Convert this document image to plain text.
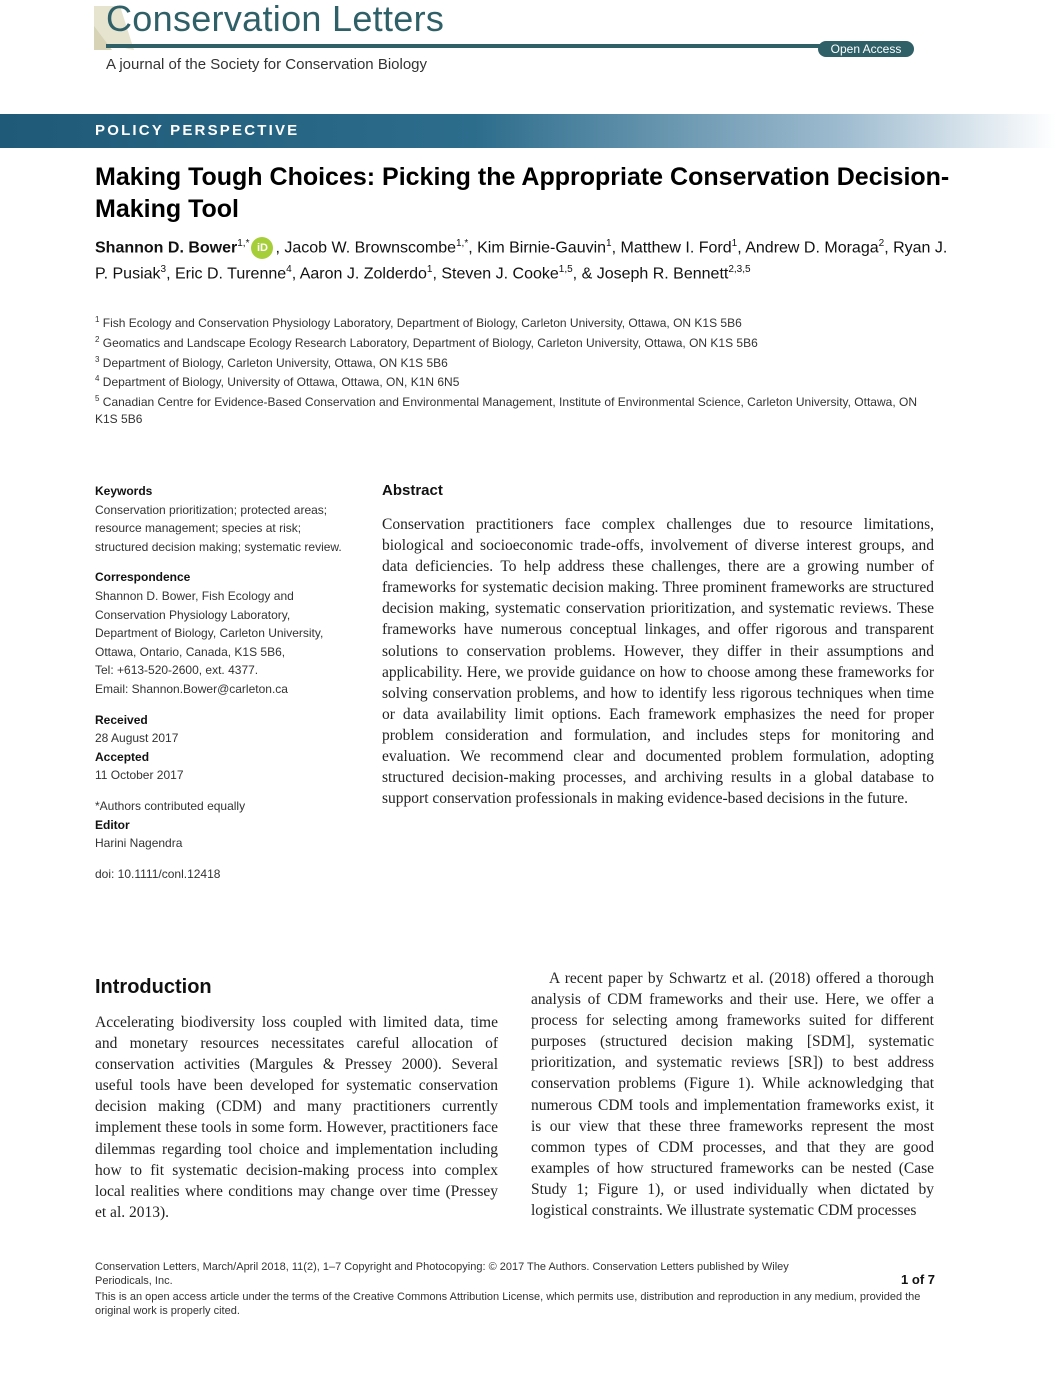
Conservation Letters
Open Access
A journal of the Society for Conservation Biology
POLICY PERSPECTIVE
Making Tough Choices: Picking the Appropriate Conservation Decision-Making Tool
Shannon D. Bower$^{1,*}$ iD , Jacob W. Brownscombe$^{1,*}$, Kim Birnie-Gauvin$^1$, Matthew I. Ford$^1$, Andrew D. Moraga$^2$, Ryan J. P. Pusiak$^3$, Eric D. Turenne$^4$, Aaron J. Zolderdo$^1$, Steven J. Cooke$^{1,5}$, & Joseph R. Bennett$^{2,3,5}$
$^1$ Fish Ecology and Conservation Physiology Laboratory, Department of Biology, Carleton University, Ottawa, ON K1S 5B6
$^2$ Geomatics and Landscape Ecology Research Laboratory, Department of Biology, Carleton University, Ottawa, ON K1S 5B6
$^3$ Department of Biology, Carleton University, Ottawa, ON K1S 5B6
$^4$ Department of Biology, University of Ottawa, Ottawa, ON, K1N 6N5
$^5$ Canadian Centre for Evidence-Based Conservation and Environmental Management, Institute of Environmental Science, Carleton University, Ottawa, ON K1S 5B6
Keywords
Conservation prioritization; protected areas;
resource management; species at risk;
structured decision making; systematic review.
Correspondence
Shannon D. Bower, Fish Ecology and
Conservation Physiology Laboratory,
Department of Biology, Carleton University,
Ottawa, Ontario, Canada, K1S 5B6,
Tel: +613-520-2600, ext. 4377.
Email: Shannon.Bower@carleton.ca
Received
28 August 2017
Accepted
11 October 2017
*Authors contributed equally
Editor
Harini Nagendra
doi: 10.1111/conl.12418
Abstract
Conservation practitioners face complex challenges due to resource limitations, biological and socioeconomic trade-offs, involvement of diverse interest groups, and data deficiencies. To help address these challenges, there are a growing number of frameworks for systematic decision making. Three prominent frameworks are structured decision making, systematic conservation prioritization, and systematic reviews. These frameworks have numerous conceptual linkages, and offer rigorous and transparent solutions to conservation problems. However, they differ in their assumptions and applicability. Here, we provide guidance on how to choose among these frameworks for solving conservation problems, and how to identify less rigorous techniques when time or data availability limit options. Each framework emphasizes the need for proper problem consideration and formulation, and includes steps for monitoring and evaluation. We recommend clear and documented problem formulation, adopting structured decision-making processes, and archiving results in a global database to support conservation professionals in making evidence-based decisions in the future.
Introduction
Accelerating biodiversity loss coupled with limited data, time and monetary resources necessitates careful allocation of conservation activities (Margules & Pressey 2000). Several useful tools have been developed for systematic conservation decision making (CDM) and many practitioners currently implement these tools in some form. However, practitioners face dilemmas regarding tool choice and implementation including how to fit systematic decision-making process into complex local realities where conditions may change over time (Pressey et al. 2013).
A recent paper by Schwartz et al. (2018) offered a thorough analysis of CDM frameworks and their use. Here, we offer a process for selecting among frameworks suited for different purposes (structured decision making [SDM], systematic prioritization, and systematic reviews [SR]) to best address conservation problems (Figure 1). While acknowledging that numerous CDM tools and implementation frameworks exist, it is our view that these three frameworks represent the most common types of CDM processes, and that they are good examples of how structured frameworks can be nested (Case Study 1; Figure 1), or used individually when dictated by logistical constraints. We illustrate systematic CDM processes
Conservation Letters, March/April 2018, 11(2), 1–7 Copyright and Photocopying: © 2017 The Authors. Conservation Letters published by Wiley Periodicals, Inc.	1 of 7
This is an open access article under the terms of the Creative Commons Attribution License, which permits use, distribution and reproduction in any medium, provided the original work is properly cited.
